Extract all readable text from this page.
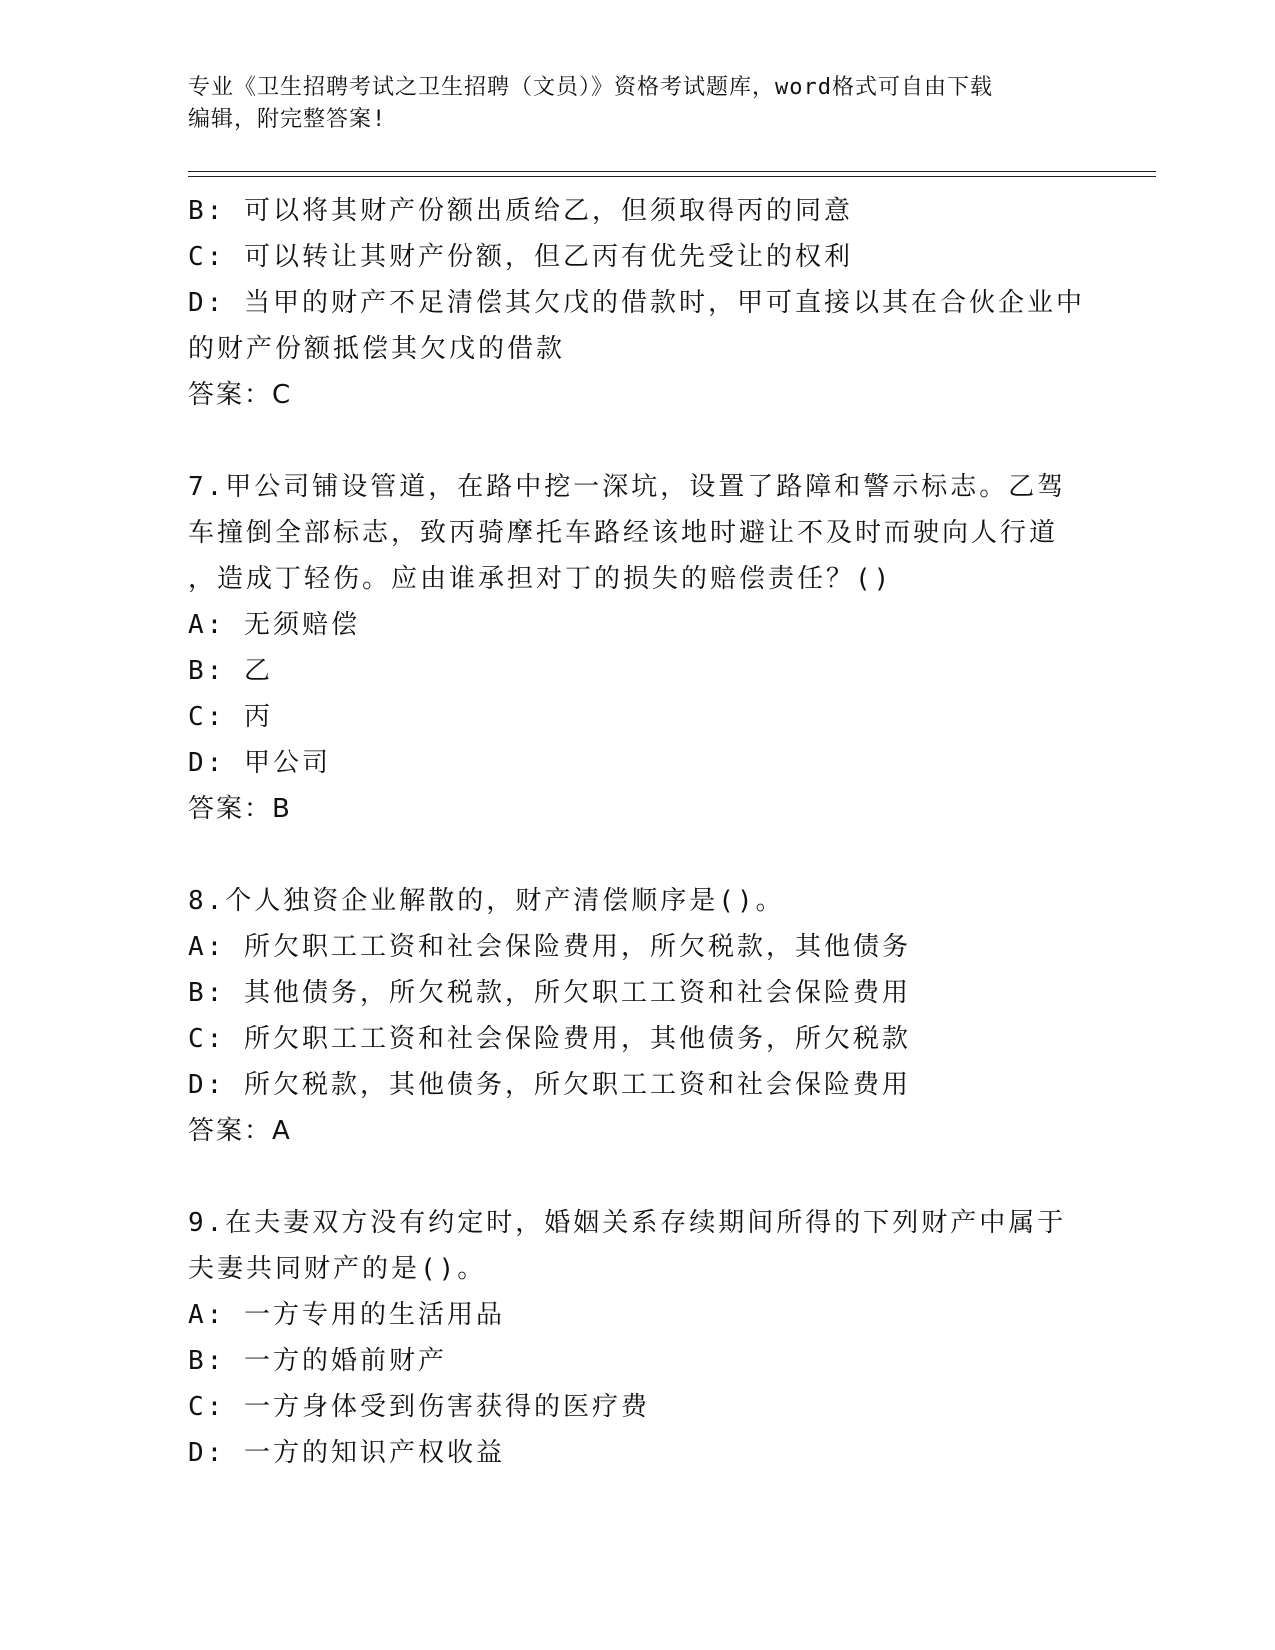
专业《卫生招聘考试之卫生招聘（文员）》资格考试题库，word格式可自由下载
编辑，附完整答案!
B: 可以将其财产份额出质给乙，但须取得丙的同意
C: 可以转让其财产份额，但乙丙有优先受让的权利
D: 当甲的财产不足清偿其欠戊的借款时，甲可直接以其在合伙企业中
的财产份额抵偿其欠戊的借款
答案：C
7.甲公司铺设管道，在路中挖一深坑，设置了路障和警示标志。乙驾
车撞倒全部标志，致丙骑摩托车路经该地时避让不及时而驶向人行道
，造成丁轻伤。应由谁承担对丁的损失的赔偿责任？()
A: 无须赔偿
B: 乙
C: 丙
D: 甲公司
答案：B
8.个人独资企业解散的，财产清偿顺序是()。
A: 所欠职工工资和社会保险费用，所欠税款，其他债务
B: 其他债务，所欠税款，所欠职工工资和社会保险费用
C: 所欠职工工资和社会保险费用，其他债务，所欠税款
D: 所欠税款，其他债务，所欠职工工资和社会保险费用
答案：A
9.在夫妻双方没有约定时，婚姻关系存续期间所得的下列财产中属于
夫妻共同财产的是()。
A: 一方专用的生活用品
B: 一方的婚前财产
C: 一方身体受到伤害获得的医疗费
D: 一方的知识产权收益
